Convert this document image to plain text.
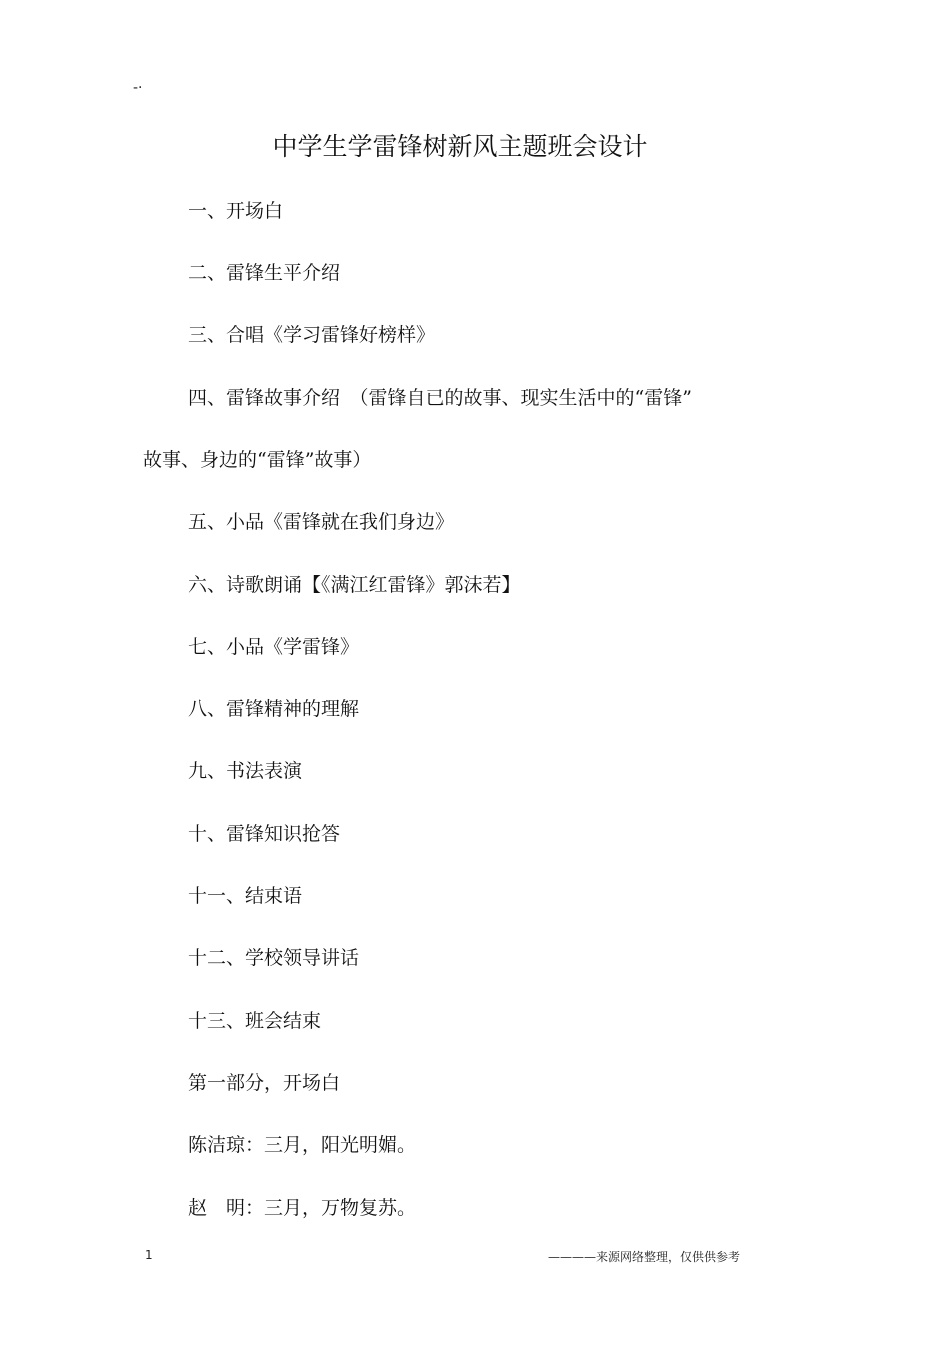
-·
中学生学雷锋树新风主题班会设计
一、开场白
二、雷锋生平介绍
三、合唱《学习雷锋好榜样》
四、雷锋故事介绍　（雷锋自已的故事、现实生活中的“雷锋”
故事、身边的“雷锋”故事）
五、小品《雷锋就在我们身边》
六、诗歌朗诵【《满江红雷锋》郭沫若】
七、小品《学雷锋》
八、雷锋精神的理解
九、书法表演
十、雷锋知识抢答
十一、结束语
十二、学校领导讲话
十三、班会结束
第一部分，开场白
陈洁琼：三月，阳光明媚。
赵　明：三月，万物复苏。
1	————来源网络整理，仅供供参考
